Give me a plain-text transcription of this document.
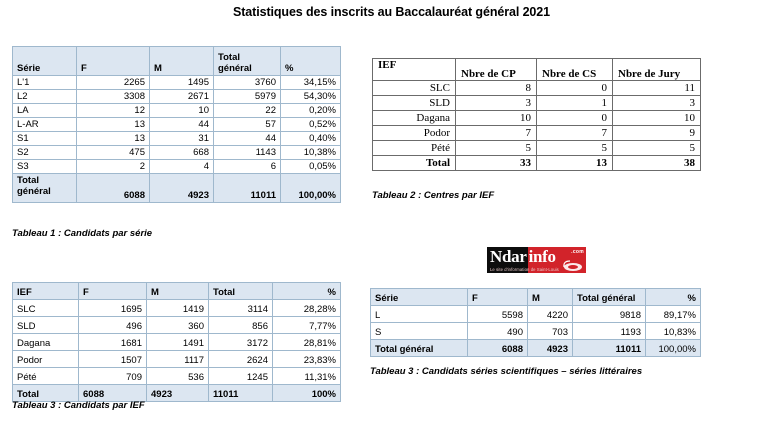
Statistiques des inscrits au Baccalauréat général 2021
Série	F	M	Total général	%
L'1	2265	1495	3760	34,15%
L2	3308	2671	5979	54,30%
LA	12	10	22	0,20%
L-AR	13	44	57	0,52%
S1	13	31	44	0,40%
S2	475	668	1143	10,38%
S3	2	4	6	0,05%
Total général	6088	4923	11011	100,00%
Tableau 1 : Candidats par série
IEF	Nbre de CP	Nbre de CS	Nbre de Jury
SLC	8	0	11
SLD	3	1	3
Dagana	10	0	10
Podor	7	7	9
Pété	5	5	5
Total	33	13	38
Tableau 2 : Centres par IEF
Ndar info	.com
Le site d'information de Saint-Louis
IEF	F	M	Total	%
SLC	1695	1419	3114	28,28%
SLD	496	360	856	7,77%
Dagana	1681	1491	3172	28,81%
Podor	1507	1117	2624	23,83%
Pété	709	536	1245	11,31%
Total	6088	4923	11011	100%
Tableau 3 : Candidats par IEF
Série	F	M	Total général	%
L	5598	4220	9818	89,17%
S	490	703	1193	10,83%
Total général	6088	4923	11011	100,00%
Tableau 3 : Candidats séries scientifiques – séries littéraires
